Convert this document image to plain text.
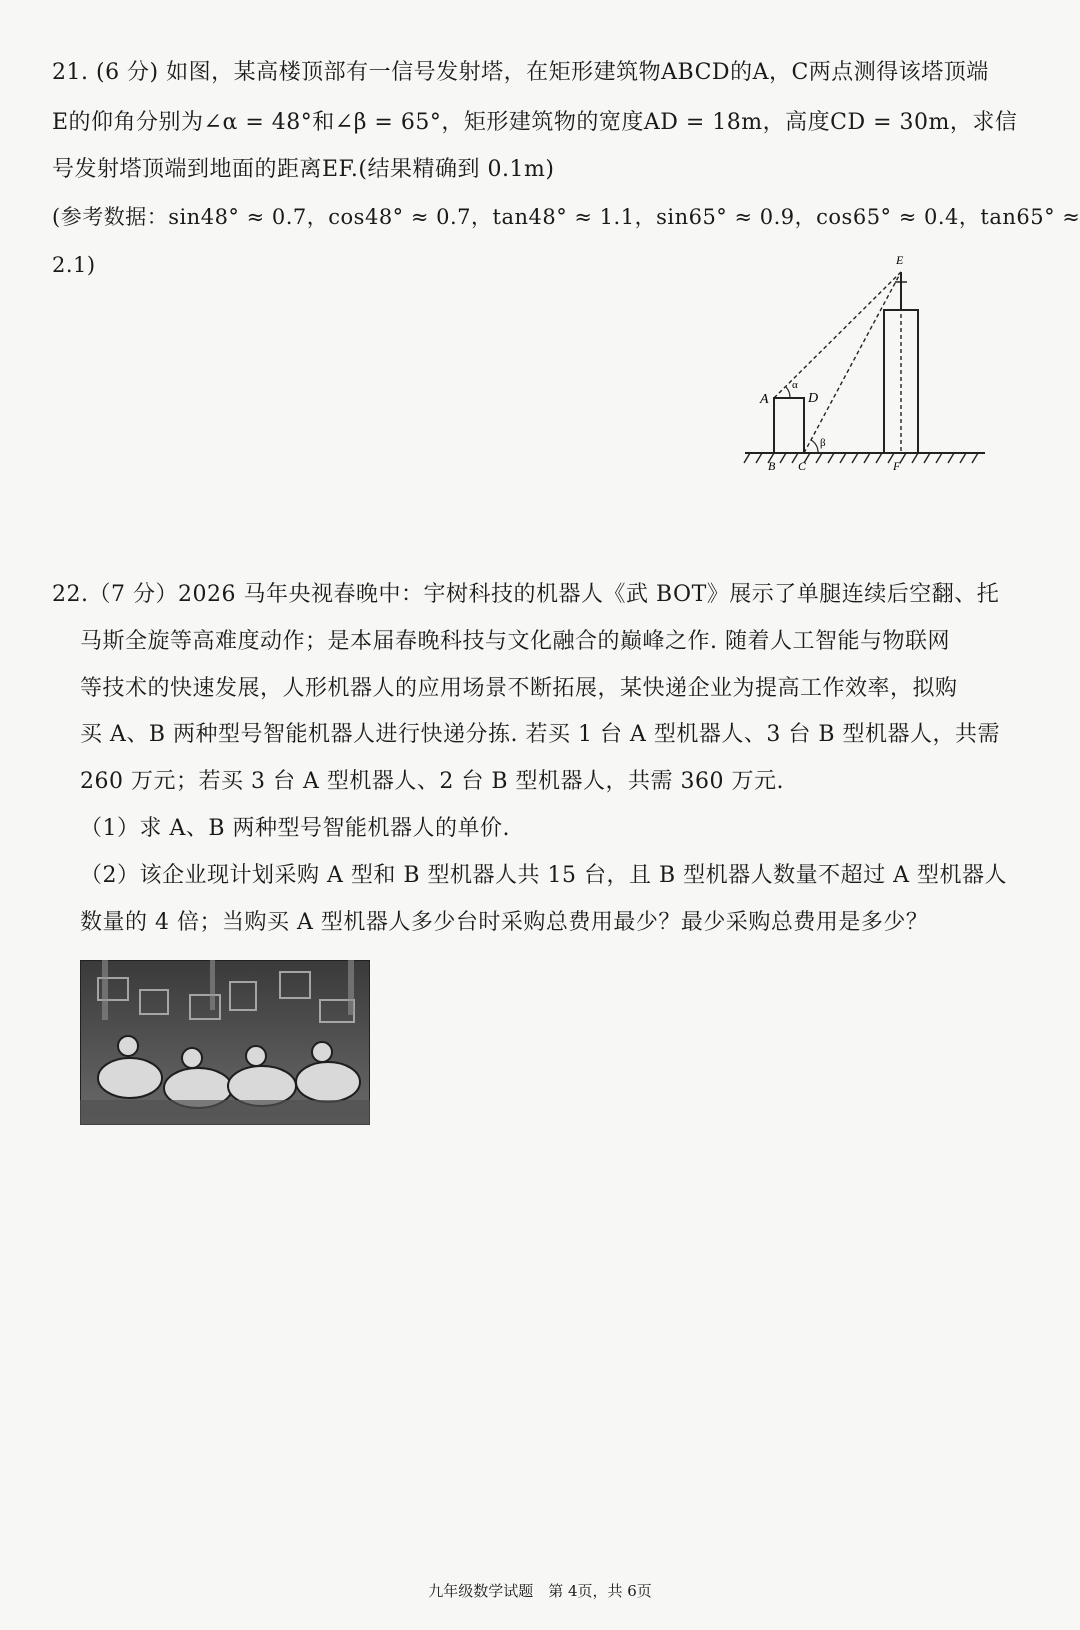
21. (6 分) 如图，某高楼顶部有一信号发射塔，在矩形建筑物ABCD的A，C两点测得该塔顶端
E的仰角分别为∠α = 48°和∠β = 65°，矩形建筑物的宽度AD = 18m，高度CD = 30m，求信
号发射塔顶端到地面的距离EF.(结果精确到 0.1m)
(参考数据：sin48° ≈ 0.7，cos48° ≈ 0.7，tan48° ≈ 1.1，sin65° ≈ 0.9，cos65° ≈ 0.4，tan65° ≈
2.1)	E
A	D
B C	F
α
β
22.（7 分）2026 马年央视春晚中：宇树科技的机器人《武 BOT》展示了单腿连续后空翻、托
马斯全旋等高难度动作；是本届春晚科技与文化融合的巅峰之作. 随着人工智能与物联网
等技术的快速发展，人形机器人的应用场景不断拓展，某快递企业为提高工作效率，拟购
买 A、B 两种型号智能机器人进行快递分拣. 若买 1 台 A 型机器人、3 台 B 型机器人，共需
260 万元；若买 3 台 A 型机器人、2 台 B 型机器人，共需 360 万元.
（1）求 A、B 两种型号智能机器人的单价.
（2）该企业现计划采购 A 型和 B 型机器人共 15 台，且 B 型机器人数量不超过 A 型机器人
数量的 4 倍；当购买 A 型机器人多少台时采购总费用最少？最少采购总费用是多少？
九年级数学试题　第 4页，共 6页
